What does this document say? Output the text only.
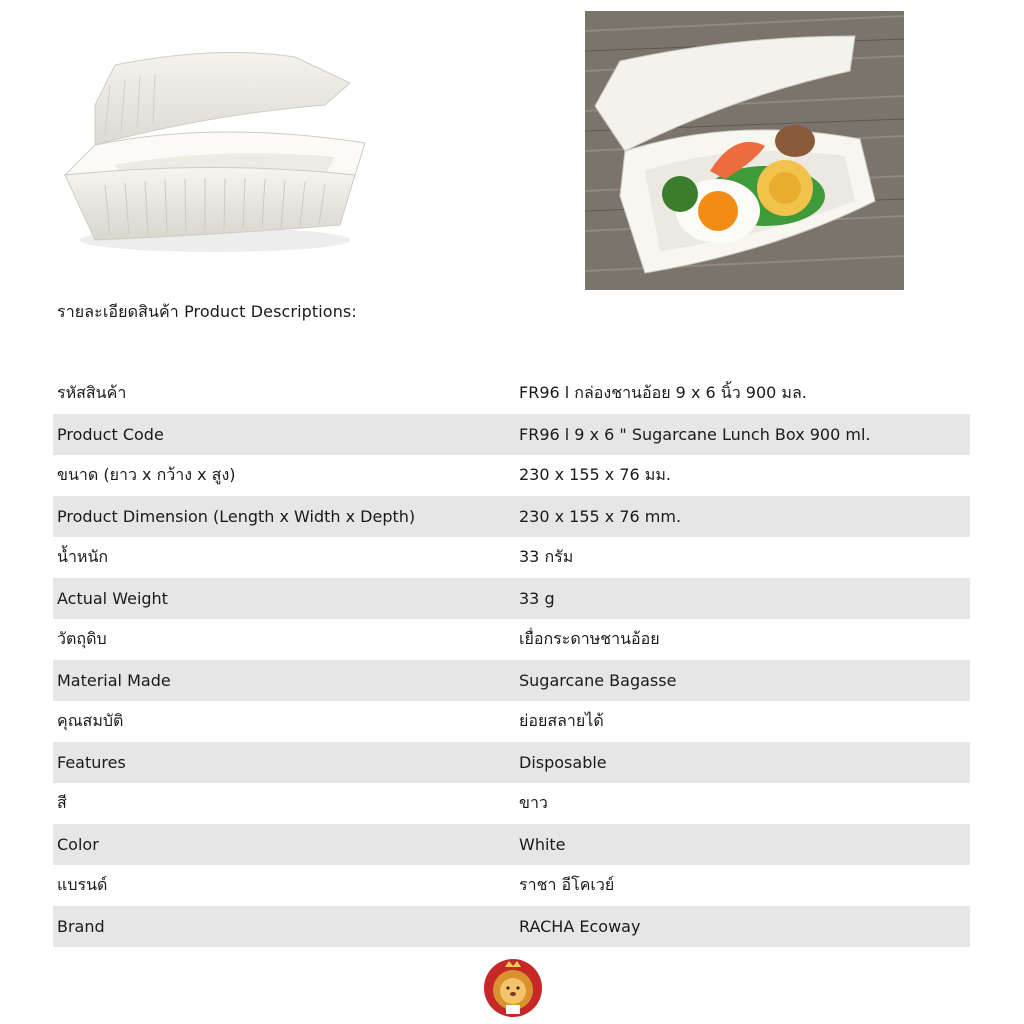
รายละเอียดสินค้า Product Descriptions:
รหัสสินค้า	FR96 l กล่องชานอ้อย 9 x 6 นิ้ว 900 มล.
Product Code	FR96 l 9 x 6 " Sugarcane Lunch Box 900 ml.
ขนาด (ยาว x กว้าง x สูง)	230 x 155 x 76 มม.
Product Dimension (Length x Width x Depth)	230 x 155 x 76 mm.
น้ำหนัก	33 กรัม
Actual Weight	33 g
วัตถุดิบ	เยื่อกระดาษชานอ้อย
Material Made	Sugarcane Bagasse
คุณสมบัติ	ย่อยสลายได้
Features	Disposable
สี	ขาว
Color	White
แบรนด์	ราชา อีโคเวย์
Brand	RACHA Ecoway
